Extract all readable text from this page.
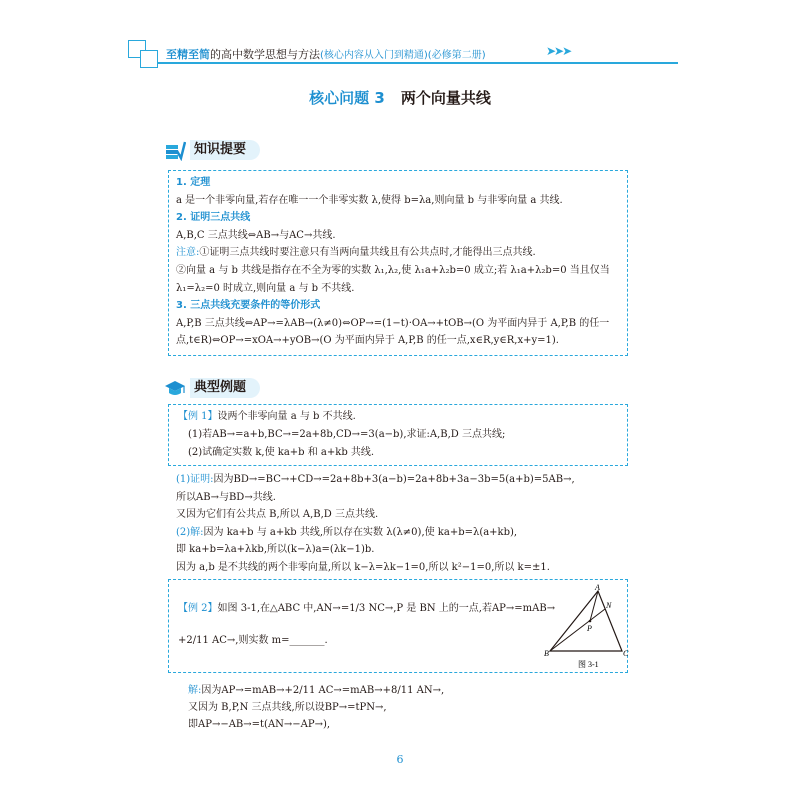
至精至简的高中数学思想与方法(核心内容从入门到精通)(必修第二册)	➤➤➤
核心问题 3 两个向量共线
知识提要
1. 定理
a 是一个非零向量,若存在唯一一个非零实数 λ,使得 b=λa,则向量 b 与非零向量 a 共线.
2. 证明三点共线
A,B,C 三点共线⇔AB→与AC→共线.
注意:①证明三点共线时要注意只有当两向量共线且有公共点时,才能得出三点共线.
②向量 a 与 b 共线是指存在不全为零的实数 λ₁,λ₂,使 λ₁a+λ₂b=0 成立;若 λ₁a+λ₂b=0 当且仅当
λ₁=λ₂=0 时成立,则向量 a 与 b 不共线.
3. 三点共线充要条件的等价形式
A,P,B 三点共线⇔AP→=λAB→(λ≠0)⇔OP→=(1−t)·OA→+tOB→(O 为平面内异于 A,P,B 的任一
点,t∈R)⇔OP→=xOA→+yOB→(O 为平面内异于 A,P,B 的任一点,x∈R,y∈R,x+y=1).
典型例题
【例 1】设两个非零向量 a 与 b 不共线.
(1)若AB→=a+b,BC→=2a+8b,CD→=3(a−b),求证:A,B,D 三点共线;
(2)试确定实数 k,使 ka+b 和 a+kb 共线.
(1)证明:因为BD→=BC→+CD→=2a+8b+3(a−b)=2a+8b+3a−3b=5(a+b)=5AB→,
所以AB→与BD→共线.
又因为它们有公共点 B,所以 A,B,D 三点共线.
(2)解:因为 ka+b 与 a+kb 共线,所以存在实数 λ(λ≠0),使 ka+b=λ(a+kb),
即 ka+b=λa+λkb,所以(k−λ)a=(λk−1)b.
因为 a,b 是不共线的两个非零向量,所以 k−λ=λk−1=0,所以 k²−1=0,所以 k=±1.
【例 2】如图 3-1,在△ABC 中,AN→=1/3 NC→,P 是 BN 上的一点,若AP→=mAB→
+2/11 AC→,则实数 m=_______.
A
B	C
N
P
图 3-1
解:因为AP→=mAB→+2/11 AC→=mAB→+8/11 AN→,
又因为 B,P,N 三点共线,所以设BP→=tPN→,
即AP→−AB→=t(AN→−AP→),
6
